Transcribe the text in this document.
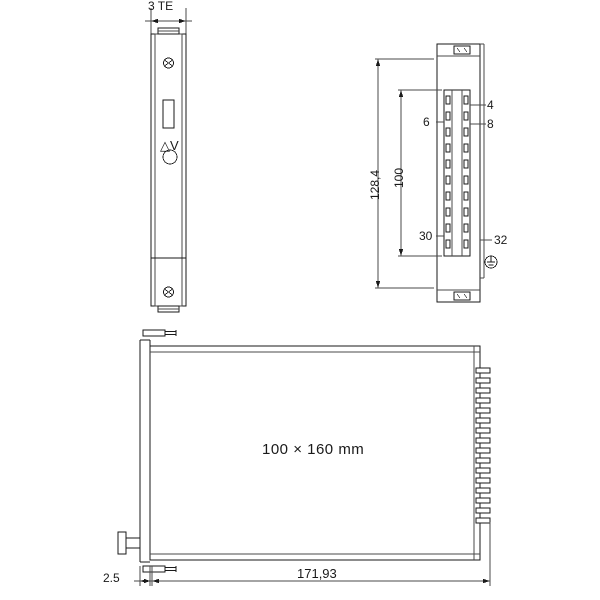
3 TE
△V
128,4 100
6
30
4
8
32
100 × 160 mm
2.5	171,93
